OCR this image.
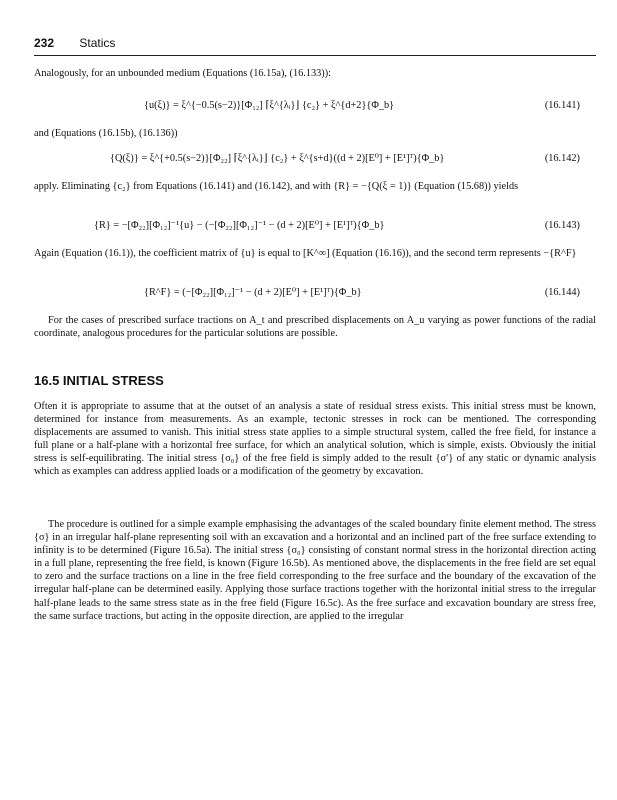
232 Statics

Analogously, for an unbounded medium (Equations (16.15a), (16.133)):

{u(ξ)} = ξ^{−0.5(s−2)}[Φ₁₂] ⌈ξ^{λᵢ}⌋ {c₂} + ξ^{d+2}{Φ_b}	(16.141)

and (Equations (16.15b), (16.136))

{Q(ξ)} = ξ^{+0.5(s−2)}[Φ₂₂] ⌈ξ^{λᵢ}⌋ {c₂} + ξ^{s+d}((d + 2)[E⁰] + [E¹]ᵀ){Φ_b}	(16.142)

apply. Eliminating {c₂} from Equations (16.141) and (16.142), and with {R} = −{Q(ξ = 1)} (Equation (15.68)) yields

{R} = −[Φ₂₂][Φ₁₂]⁻¹{u} − (−[Φ₂₂][Φ₁₂]⁻¹ − (d + 2)[E⁰] + [E¹]ᵀ){Φ_b}	(16.143)

Again (Equation (16.1)), the coefficient matrix of {u} is equal to [K^∞] (Equation (16.16)), and the second term represents −{R^F}

{R^F} = (−[Φ₂₂][Φ₁₂]⁻¹ − (d + 2)[E⁰] + [E¹]ᵀ){Φ_b}	(16.144)

For the cases of prescribed surface tractions on A_t and prescribed displacements on A_u varying as power functions of the radial coordinate, analogous procedures for the particular solutions are possible.

16.5 INITIAL STRESS

Often it is appropriate to assume that at the outset of an analysis a state of residual stress exists. This initial stress must be known, determined for instance from measurements. As an example, tectonic stresses in rock can be mentioned. The corresponding displacements are assumed to vanish. This initial stress state applies to a simple structural system, called the free field, for instance a full plane or a half-plane with a horizontal free surface, for which an analytical solution, which is simple, exists. Obviously the initial stress is self-equilibrating. The initial stress {σ₀} of the free field is simply added to the result {σ′} of any static or dynamic analysis which as examples can address applied loads or a modification of the geometry by excavation.

The procedure is outlined for a simple example emphasising the advantages of the scaled boundary finite element method. The stress {σ} in an irregular half-plane representing soil with an excavation and a horizontal and an inclined part of the free surface extending to infinity is to be determined (Figure 16.5a). The initial stress {σ₀} consisting of constant normal stress in the horizontal direction acting in a full plane, representing the free field, is known (Figure 16.5b). As mentioned above, the displacements in the free field are set equal to zero and the surface tractions on a line in the free field corresponding to the free surface and the boundary of the excavation of the irregular half-plane can be determined easily. Applying those surface tractions together with the horizontal initial stress to the irregular half-plane leads to the same stress state as in the free field (Figure 16.5c). As the free surface and excavation boundary are stress free, the same surface tractions, but acting in the opposite direction, are applied to the irregular
